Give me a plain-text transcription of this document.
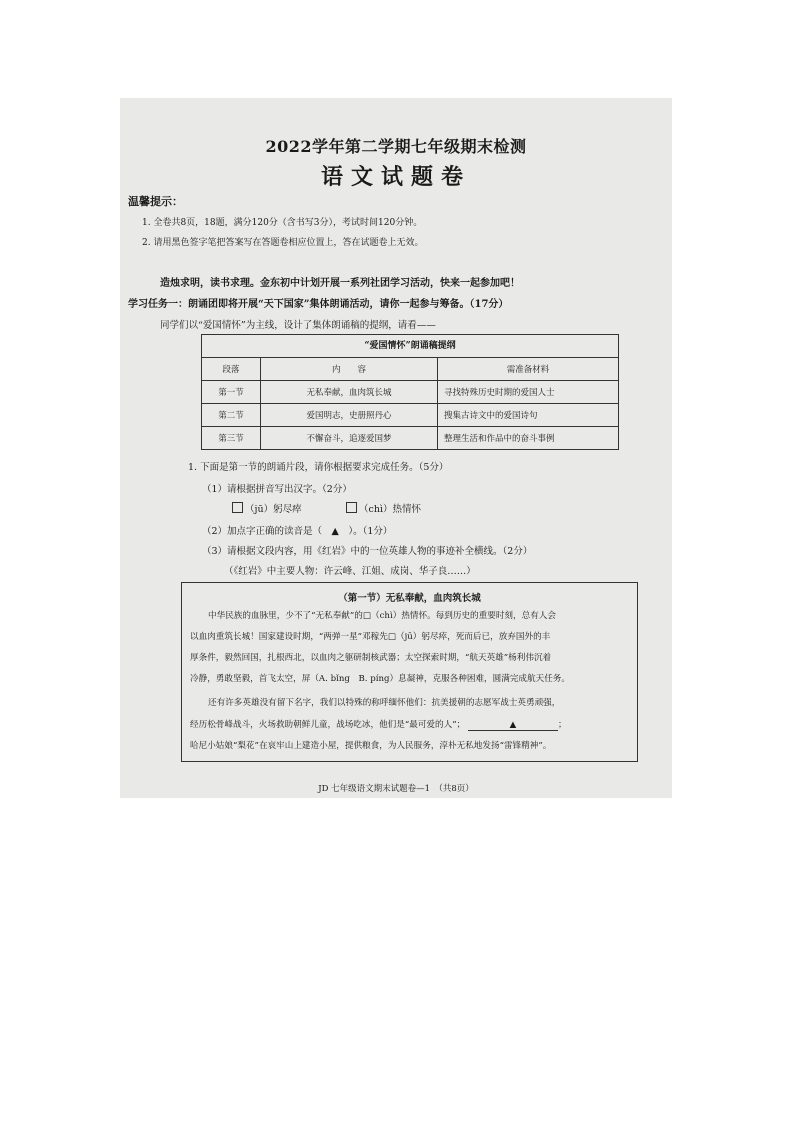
2022学年第二学期七年级期末检测
语文试题卷
温馨提示：
1. 全卷共8页，18题，满分120分（含书写3分），考试时间120分钟。
2. 请用黑色签字笔把答案写在答题卷相应位置上，答在试题卷上无效。
造烛求明，读书求理。金东初中计划开展一系列社团学习活动，快来一起参加吧！
学习任务一：朗诵团即将开展“天下国家”集体朗诵活动，请你一起参与筹备。（17分）
同学们以“爱国情怀”为主线，设计了集体朗诵稿的提纲，请看——
“爱国情怀”朗诵稿提纲
段落	内　　容	需准备材料
第一节	无私奉献，血肉筑长城	寻找特殊历史时期的爱国人士
第二节	爱国明志，史册照丹心	搜集古诗文中的爱国诗句
第三节	不懈奋斗，追逐爱国梦	整理生活和作品中的奋斗事例
1. 下面是第一节的朗诵片段，请你根据要求完成任务。（5分）
（1）请根据拼音写出汉字。（2分）
（jū）躬尽瘁	（chì）热情怀
（2）加点字正确的读音是（　▲　）。（1分）
（3）请根据文段内容，用《红岩》中的一位英雄人物的事迹补全横线。（2分）
（《红岩》中主要人物：许云峰、江姐、成岗、华子良……）
（第一节）无私奉献，血肉筑长城
中华民族的血脉里，少不了“无私奉献”的□（chì）热情怀。每到历史的重要时刻，总有人会
以血肉重筑长城！国家建设时期，“两弹一星”邓稼先□（jū）躬尽瘁，死而后已，放弃国外的丰
厚条件，毅然回国，扎根西北，以血肉之躯研制核武器；太空探索时期，“航天英雄”杨利伟沉着
冷静，勇敢坚毅，首飞太空，屏（A. bǐng　B. píng）息凝神，克服各种困难，圆满完成航天任务。
还有许多英雄没有留下名字，我们以特殊的称呼缅怀他们：抗美援朝的志愿军战士英勇顽强，
经历松骨峰战斗，火场救助朝鲜儿童，战场吃冰，他们是“最可爱的人”；	▲	；
哈尼小姑娘“梨花”在哀牢山上建造小屋，提供粮食，为人民服务，淳朴无私地发扬“雷锋精神”。
JD 七年级语文期末试题卷—1　（共8页）
